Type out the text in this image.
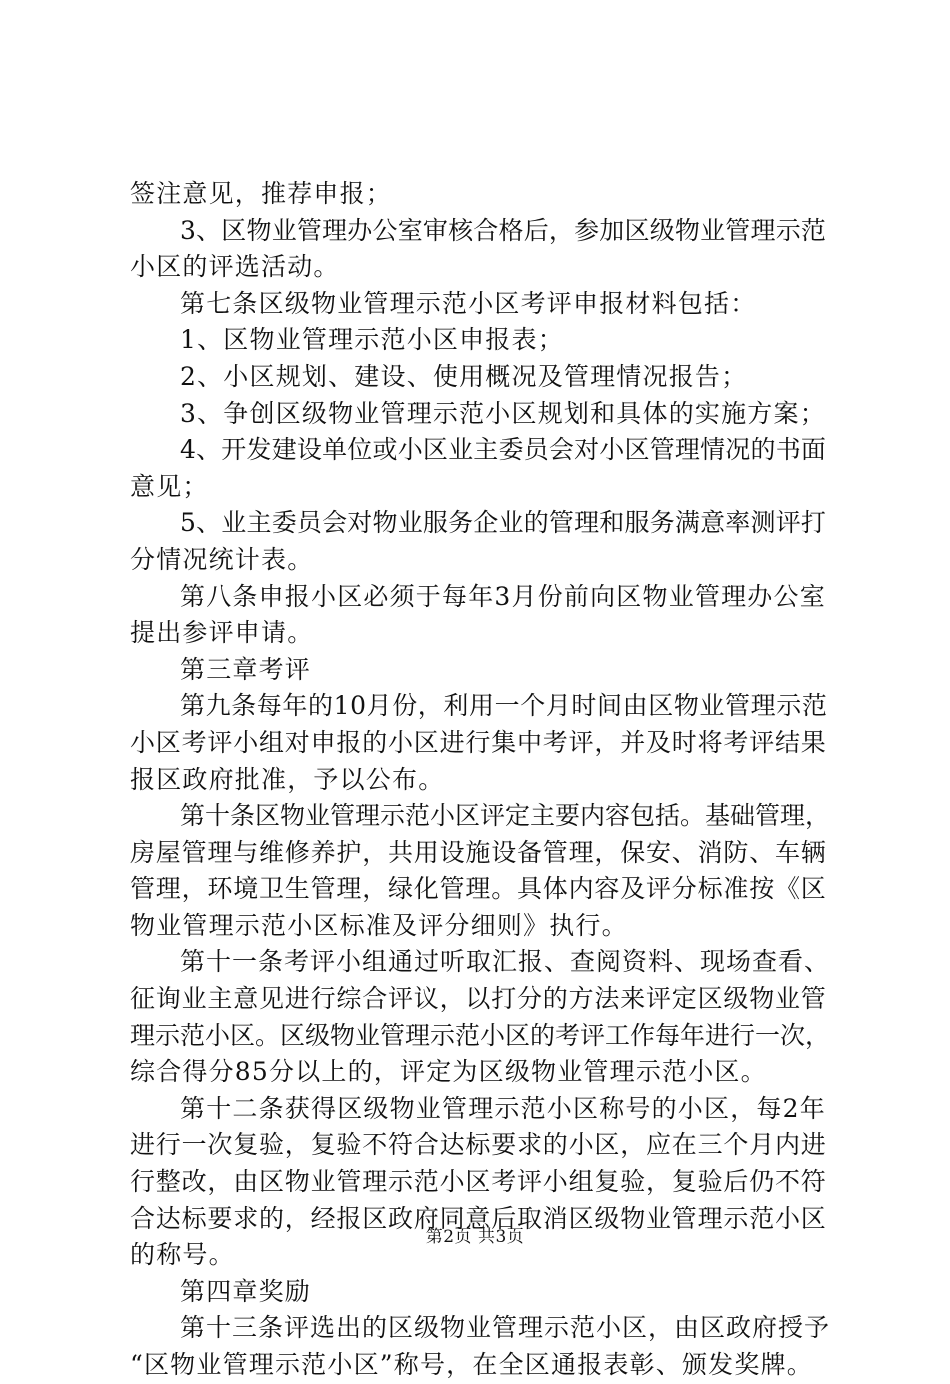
签注意见，推荐申报；
3、区物业管理办公室审核合格后，参加区级物业管理示范
小区的评选活动。
第七条区级物业管理示范小区考评申报材料包括：
1、区物业管理示范小区申报表；
2、小区规划、建设、使用概况及管理情况报告；
3、争创区级物业管理示范小区规划和具体的实施方案；
4、开发建设单位或小区业主委员会对小区管理情况的书面
意见；
5、业主委员会对物业服务企业的管理和服务满意率测评打
分情况统计表。
第八条申报小区必须于每年3月份前向区物业管理办公室
提出参评申请。
第三章考评
第九条每年的10月份，利用一个月时间由区物业管理示范
小区考评小组对申报的小区进行集中考评，并及时将考评结果
报区政府批准，予以公布。
第十条区物业管理示范小区评定主要内容包括。基础管理，
房屋管理与维修养护，共用设施设备管理，保安、消防、车辆
管理，环境卫生管理，绿化管理。具体内容及评分标准按《区
物业管理示范小区标准及评分细则》执行。
第十一条考评小组通过听取汇报、查阅资料、现场查看、
征询业主意见进行综合评议，以打分的方法来评定区级物业管
理示范小区。区级物业管理示范小区的考评工作每年进行一次，
综合得分85分以上的，评定为区级物业管理示范小区。
第十二条获得区级物业管理示范小区称号的小区，每2年
进行一次复验，复验不符合达标要求的小区，应在三个月内进
行整改，由区物业管理示范小区考评小组复验，复验后仍不符
合达标要求的，经报区政府同意后取消区级物业管理示范小区
的称号。
第四章奖励
第十三条评选出的区级物业管理示范小区，由区政府授予
“区物业管理示范小区”称号，在全区通报表彰、颁发奖牌。
第2页 共3页
